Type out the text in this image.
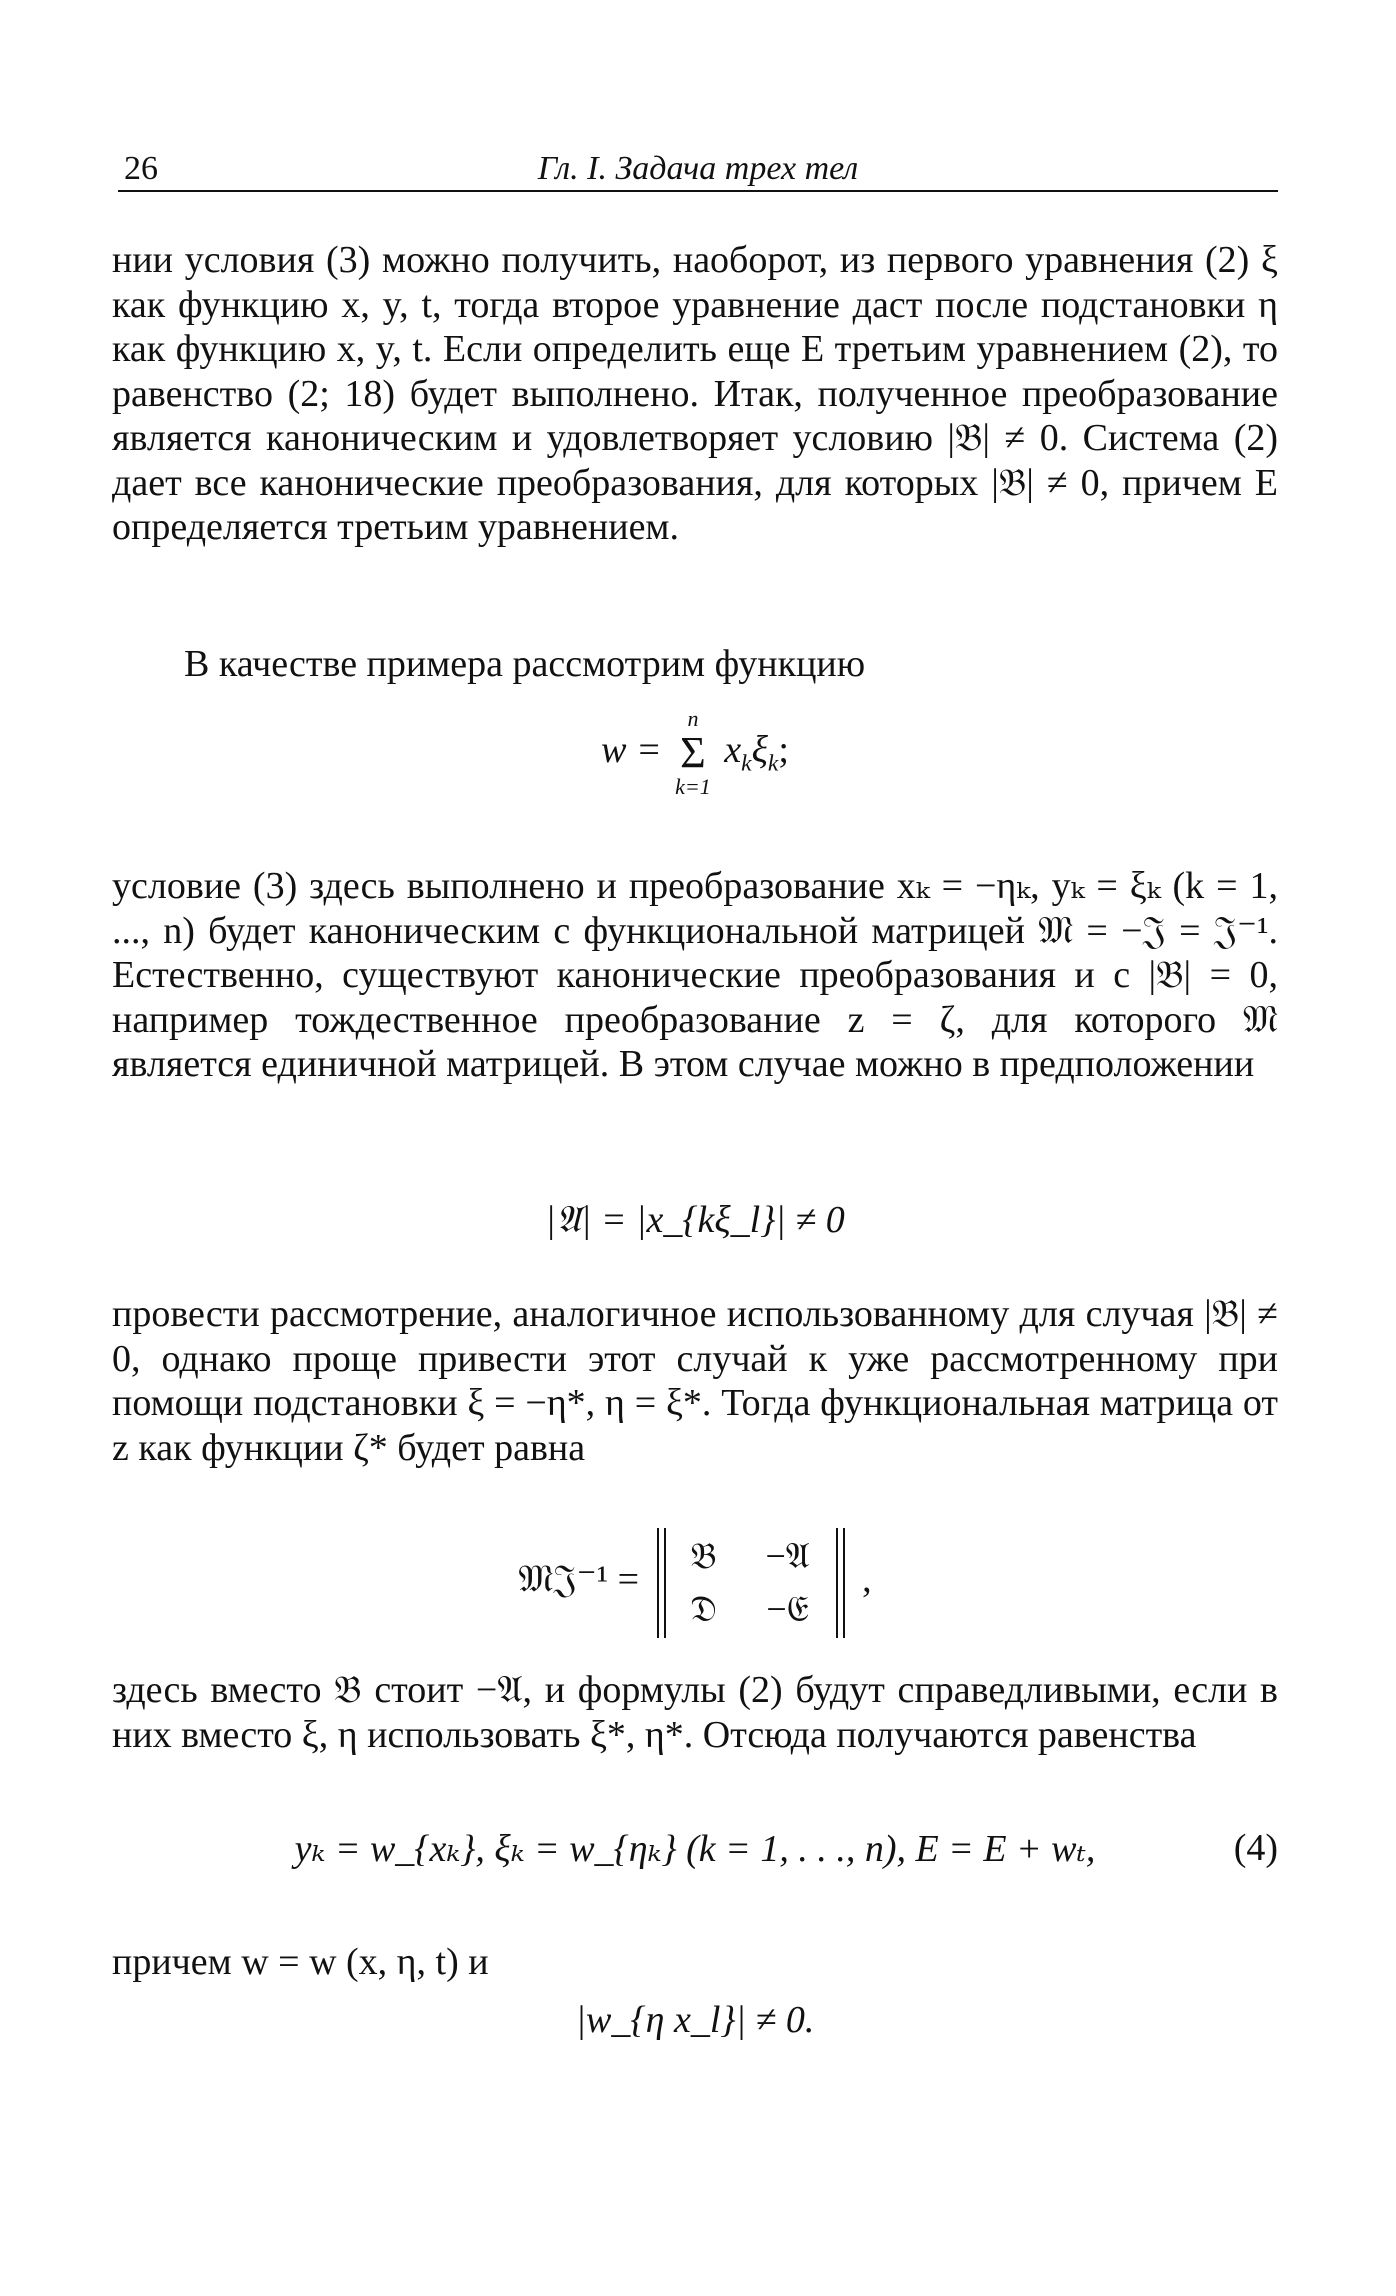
26	Гл. I. Задача трех тел

нии условия (3) можно получить, наоборот, из первого уравнения (2) ξ как функцию x, y, t, тогда второе уравнение даст после подстановки η как функцию x, y, t. Если определить еще E третьим уравнением (2), то равенство (2; 18) будет выполнено. Итак, полученное преобразование является каноническим и удовлетворяет условию |𝔅| ≠ 0. Система (2) дает все канонические преобразования, для которых |𝔅| ≠ 0, причем E определяется третьим уравнением.

В качестве примера рассмотрим функцию

w =
n
Σ
k=1
$x_k\xi_k$;

условие (3) здесь выполнено и преобразование xₖ = −ηₖ, yₖ = ξₖ (k = 1, ..., n) будет каноническим с функциональной матрицей 𝔐 = −𝔍 = 𝔍⁻¹. Естественно, существуют канонические преобразования и с |𝔅| = 0, например тождественное преобразование z = ζ, для которого 𝔐 является единичной матрицей. В этом случае можно в предположении

|𝔄| = |x_{kξ_l}| ≠ 0

провести рассмотрение, аналогичное использованному для случая |𝔅| ≠ 0, однако проще привести этот случай к уже рассмотренному при помощи подстановки ξ = −η*, η = ξ*. Тогда функциональная матрица от z как функции ζ* будет равна

𝔐𝔍⁻¹ =
𝔅	−𝔄
𝔇	−𝔈
,

здесь вместо 𝔅 стоит −𝔄, и формулы (2) будут справедливыми, если в них вместо ξ, η использовать ξ*, η*. Отсюда получаются равенства

yₖ = w_{xₖ}, ξₖ = w_{ηₖ} (k = 1, . . ., n), E = E + wₜ,	(4)

причем w = w (x, η, t) и

|w_{η x_l}| ≠ 0.
